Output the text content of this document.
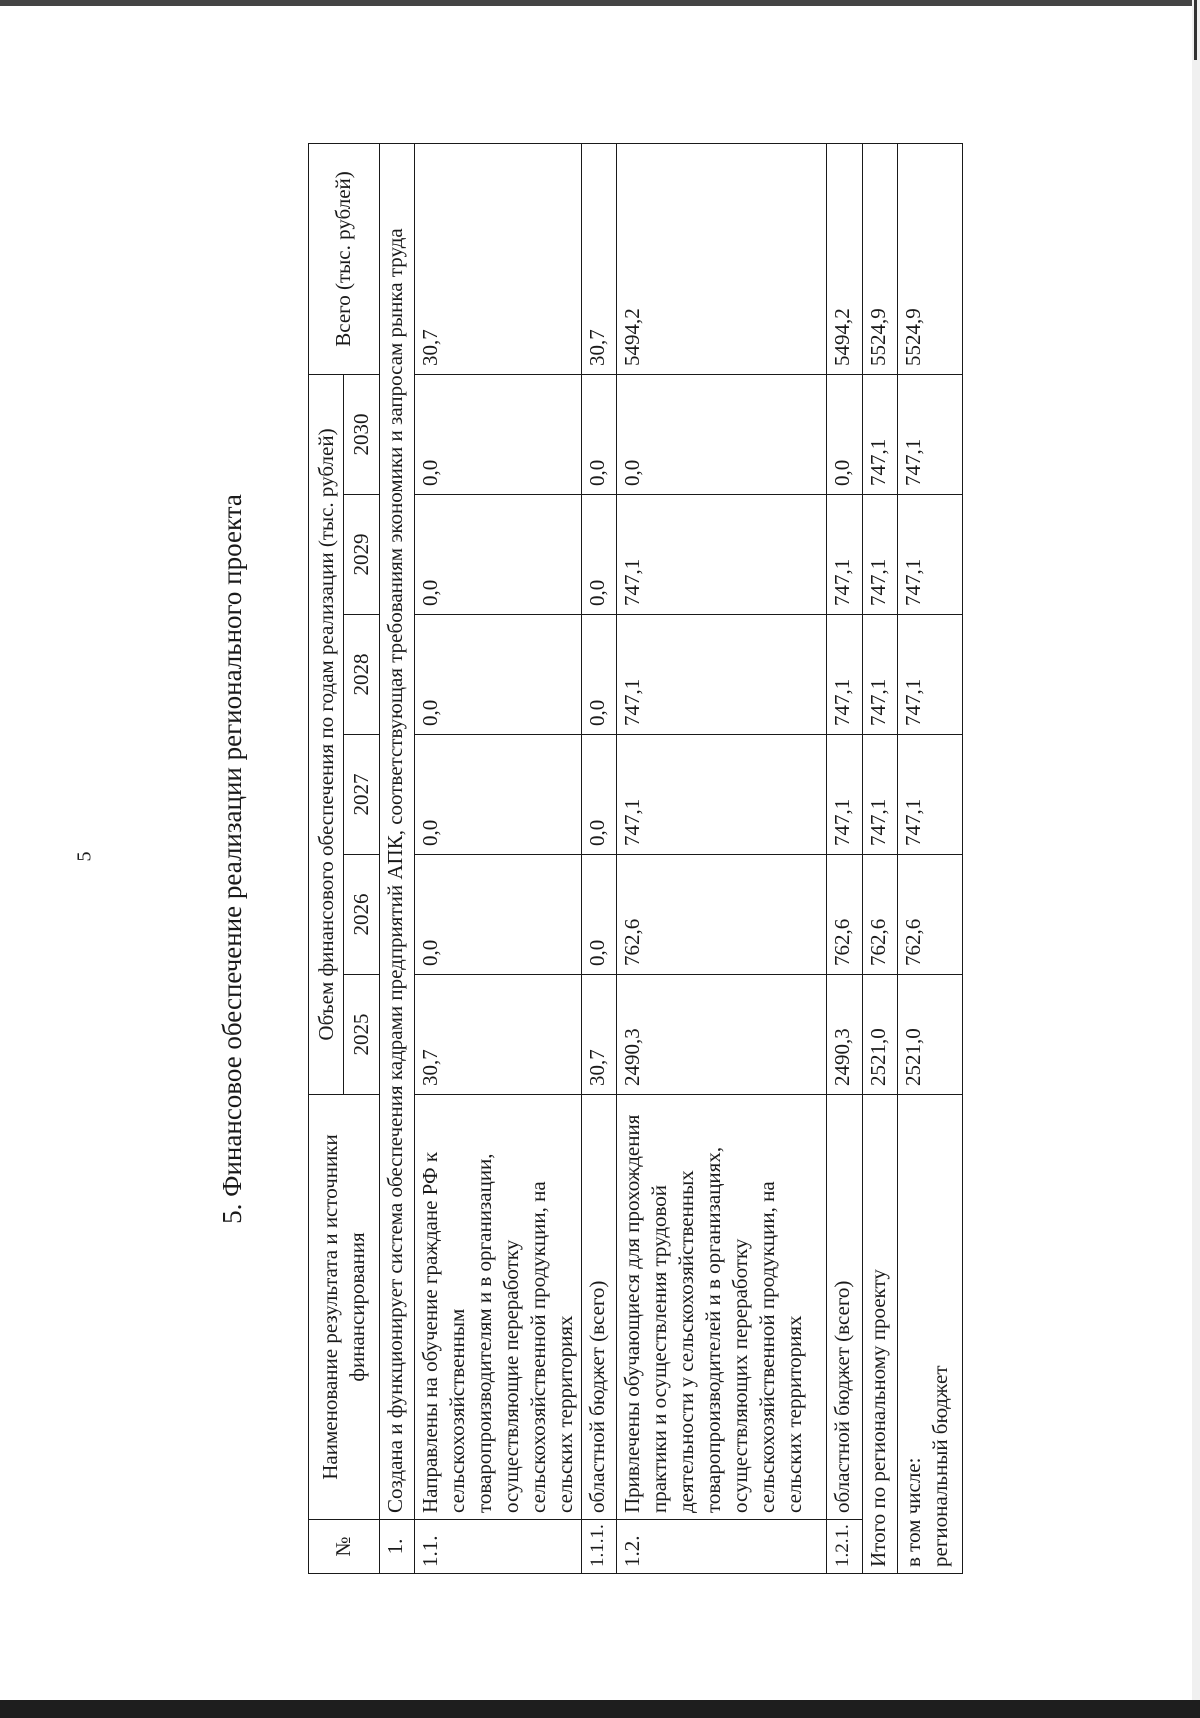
5	5. Финансовое обеспечение реализации регионального проекта
№	Наименование результата и источники финансирования	Объем финансового обеспечения по годам реализации (тыс. рублей)						Всего (тыс. рублей)
		2025	2026	2027	2028	2029	2030	
1.	Создана и функционирует система обеспечения кадрами предприятий АПК, соответствующая требованиям экономики и запросам рынка труда							
1.1.	Направлены на обучение граждане РФ к сельскохозяйственным товаропроизводителям и в организации, осуществляющие переработку сельскохозяйственной продукции, на сельских территориях	30,7	0,0	0,0	0,0	0,0	0,0	30,7
1.1.1.	областной бюджет (всего)	30,7	0,0	0,0	0,0	0,0	0,0	30,7
1.2.	Привлечены обучающиеся для прохождения практики и осуществления трудовой деятельности у сельскохозяйственных товаропроизводителей и в организациях, осуществляющих переработку сельскохозяйственной продукции, на сельских территориях	2490,3	762,6	747,1	747,1	747,1	0,0	5494,2
1.2.1.	областной бюджет (всего)	2490,3	762,6	747,1	747,1	747,1	0,0	5494,2
Итого по региональному проекту		2521,0	762,6	747,1	747,1	747,1	747,1	5524,9

в том числе: региональный бюджет		2521,0	762,6	747,1	747,1	747,1	747,1	5524,9
